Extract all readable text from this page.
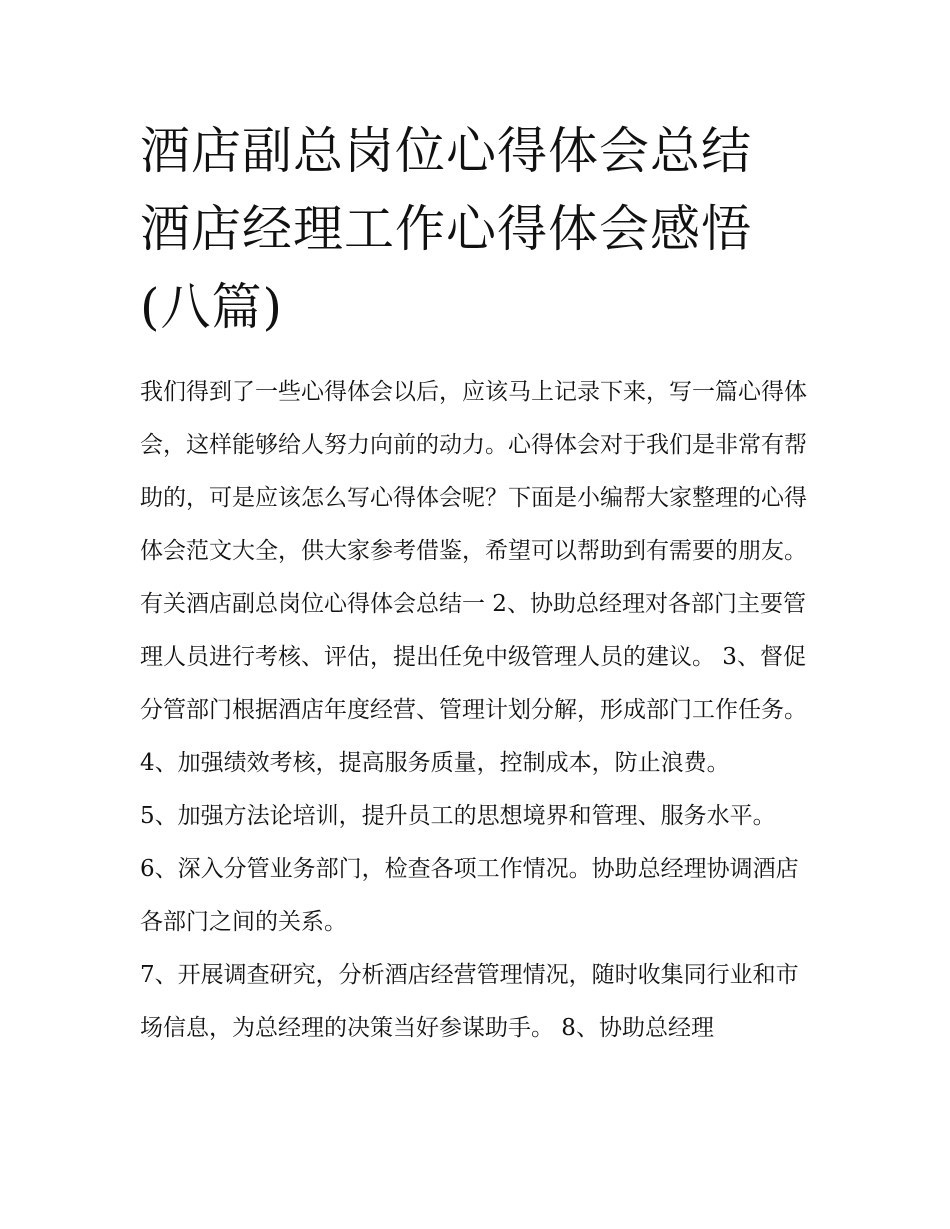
酒店副总岗位心得体会总结 酒店经理工作心得体会感悟(八篇)

我们得到了一些心得体会以后，应该马上记录下来，写一篇心得体会，这样能够给人努力向前的动力。心得体会对于我们是非常有帮助的，可是应该怎么写心得体会呢？下面是小编帮大家整理的心得体会范文大全，供大家参考借鉴，希望可以帮助到有需要的朋友。

有关酒店副总岗位心得体会总结一 2、协助总经理对各部门主要管理人员进行考核、评估，提出任免中级管理人员的建议。 3、督促分管部门根据酒店年度经营、管理计划分解，形成部门工作任务。 4、加强绩效考核，提高服务质量，控制成本，防止浪费。

5、加强方法论培训，提升员工的思想境界和管理、服务水平。 6、深入分管业务部门，检查各项工作情况。协助总经理协调酒店各部门之间的关系。

7、开展调查研究，分析酒店经营管理情况，随时收集同行业和市场信息，为总经理的决策当好参谋助手。 8、协助总经理
